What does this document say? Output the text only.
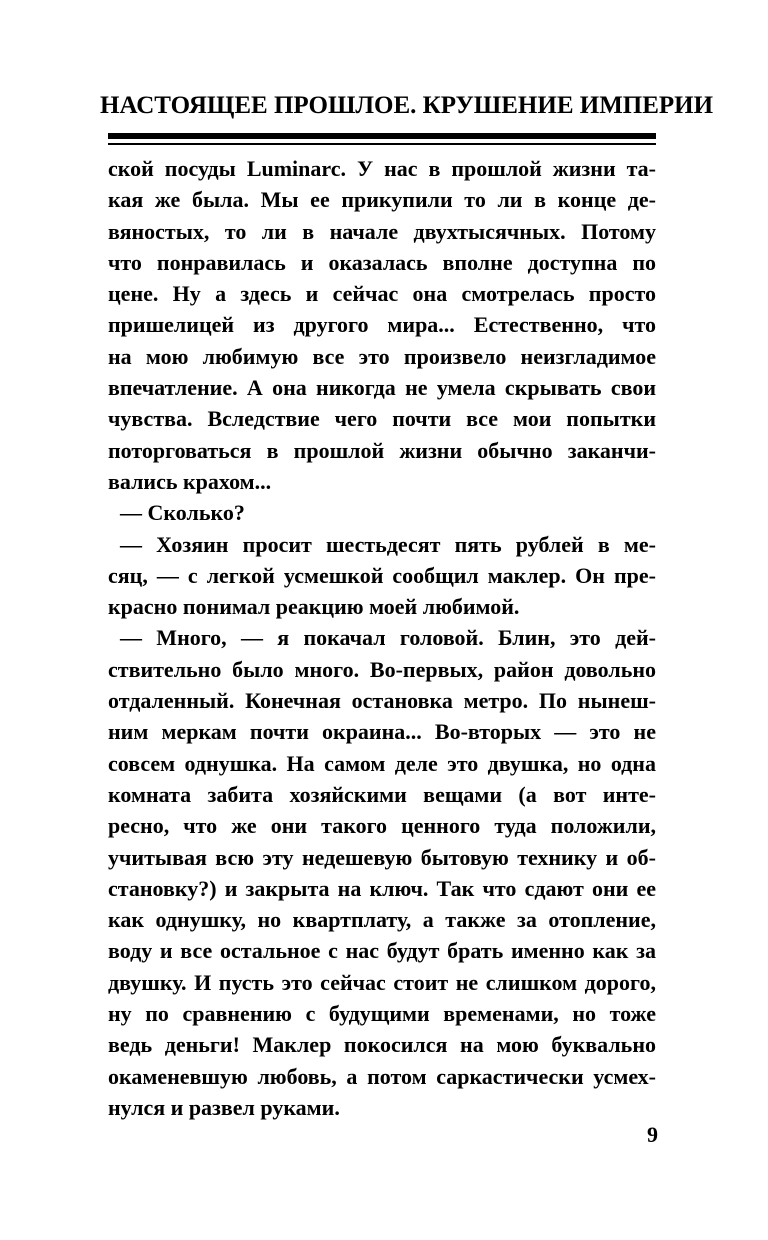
НАСТОЯЩЕЕ ПРОШЛОЕ. КРУШЕНИЕ ИМПЕРИИ
ской посуды Luminarc. У нас в прошлой жизни та-
кая же была. Мы ее прикупили то ли в конце де-
вяностых, то ли в начале двухтысячных. Потому
что понравилась и оказалась вполне доступна по
цене. Ну а здесь и сейчас она смотрелась просто
пришелицей из другого мира... Естественно, что
на мою любимую все это произвело неизгладимое
впечатление. А она никогда не умела скрывать свои
чувства. Вследствие чего почти все мои попытки
поторговаться в прошлой жизни обычно заканчи-
вались крахом...
— Сколько?
— Хозяин просит шестьдесят пять рублей в ме-
сяц, — с легкой усмешкой сообщил маклер. Он пре-
красно понимал реакцию моей любимой.
— Много, — я покачал головой. Блин, это дей-
ствительно было много. Во-первых, район довольно
отдаленный. Конечная остановка метро. По нынеш-
ним меркам почти окраина... Во-вторых — это не
совсем однушка. На самом деле это двушка, но одна
комната забита хозяйскими вещами (а вот инте-
ресно, что же они такого ценного туда положили,
учитывая всю эту недешевую бытовую технику и об-
становку?) и закрыта на ключ. Так что сдают они ее
как однушку, но квартплату, а также за отопление,
воду и все остальное с нас будут брать именно как за
двушку. И пусть это сейчас стоит не слишком дорого,
ну по сравнению с будущими временами, но тоже
ведь деньги! Маклер покосился на мою буквально
окаменевшую любовь, а потом саркастически усмех-
нулся и развел руками.
9
